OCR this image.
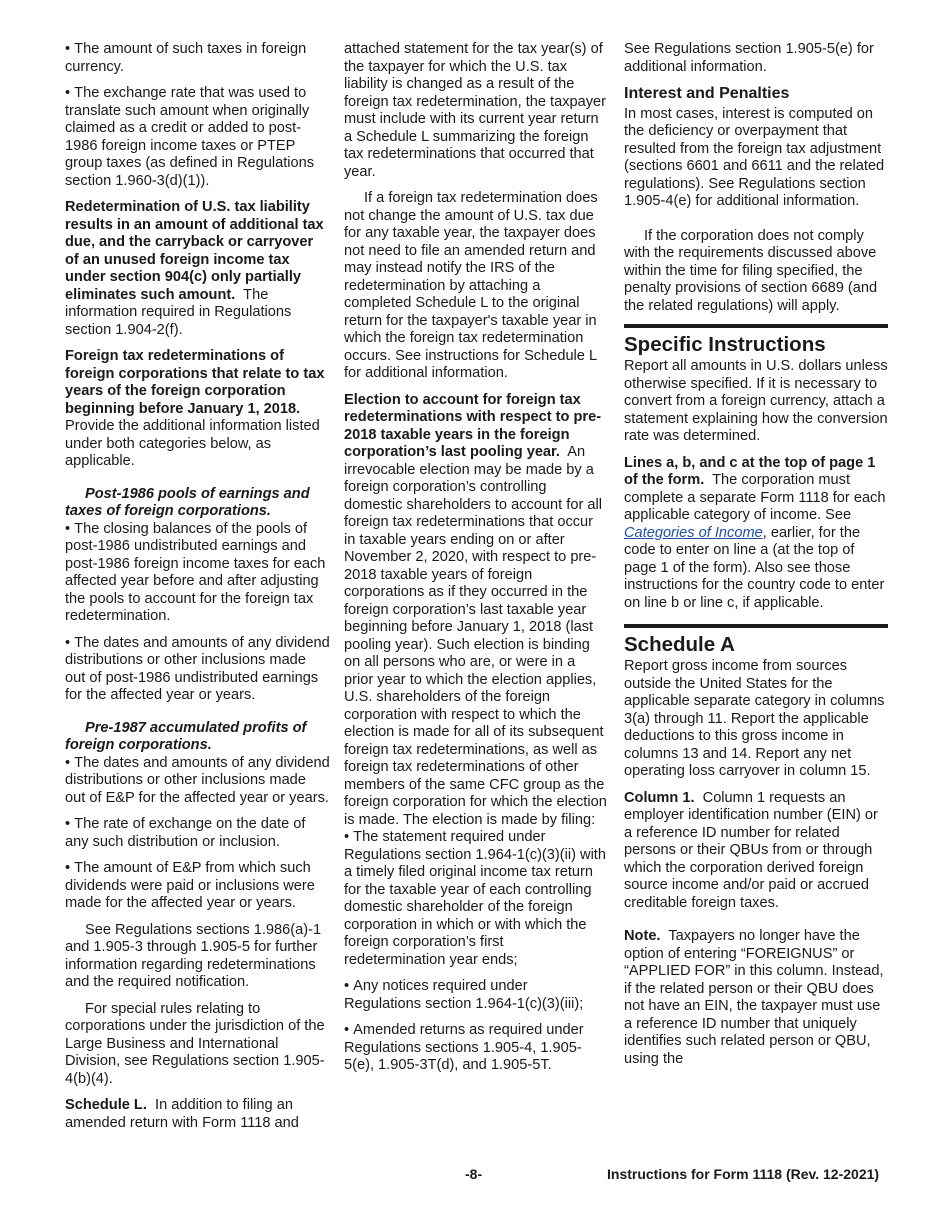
• The amount of such taxes in foreign currency.

• The exchange rate that was used to translate such amount when originally claimed as a credit or added to post-1986 foreign income taxes or PTEP group taxes (as defined in Regulations section 1.960-3(d)(1)).

Redetermination of U.S. tax liability results in an amount of additional tax due, and the carryback or carryover of an unused foreign income tax under section 904(c) only partially eliminates such amount. The information required in Regulations section 1.904-2(f).

Foreign tax redeterminations of foreign corporations that relate to tax years of the foreign corporation beginning before January 1, 2018.  Provide the additional information listed under both categories below, as applicable.

Post-1986 pools of earnings and taxes of foreign corporations.

• The closing balances of the pools of post-1986 undistributed earnings and post-1986 foreign income taxes for each affected year before and after adjusting the pools to account for the foreign tax redetermination.

• The dates and amounts of any dividend distributions or other inclusions made out of post-1986 undistributed earnings for the affected year or years.

Pre-1987 accumulated profits of foreign corporations.

• The dates and amounts of any dividend distributions or other inclusions made out of E&P for the affected year or years.

• The rate of exchange on the date of any such distribution or inclusion.

• The amount of E&P from which such dividends were paid or inclusions were made for the affected year or years.

See Regulations sections 1.986(a)-1 and 1.905-3 through 1.905-5 for further information regarding redeterminations and the required notification.

For special rules relating to corporations under the jurisdiction of the Large Business and International Division, see Regulations section 1.905-4(b)(4).

Schedule L. In addition to filing an amended return with Form 1118 and

attached statement for the tax year(s) of the taxpayer for which the U.S. tax liability is changed as a result of the foreign tax redetermination, the taxpayer must include with its current year return a Schedule L summarizing the foreign tax redeterminations that occurred that year.

If a foreign tax redetermination does not change the amount of U.S. tax due for any taxable year, the taxpayer does not need to file an amended return and may instead notify the IRS of the redetermination by attaching a completed Schedule L to the original return for the taxpayer's taxable year in which the foreign tax redetermination occurs. See instructions for Schedule L for additional information.

Election to account for foreign tax redeterminations with respect to pre-2018 taxable years in the foreign corporation’s last pooling year. An irrevocable election may be made by a foreign corporation’s controlling domestic shareholders to account for all foreign tax redeterminations that occur in taxable years ending on or after November 2, 2020, with respect to pre-2018 taxable years of foreign corporations as if they occurred in the foreign corporation’s last taxable year beginning before January 1, 2018 (last pooling year). Such election is binding on all persons who are, or were in a prior year to which the election applies, U.S. shareholders of the foreign corporation with respect to which the election is made for all of its subsequent foreign tax redeterminations, as well as foreign tax redeterminations of other members of the same CFC group as the foreign corporation for which the election is made. The election is made by filing:

• The statement required under Regulations section 1.964-1(c)(3)(ii) with a timely filed original income tax return for the taxable year of each controlling domestic shareholder of the foreign corporation in which or with which the foreign corporation’s first redetermination year ends;

• Any notices required under Regulations section 1.964-1(c)(3)(iii);

• Amended returns as required under Regulations sections 1.905-4, 1.905-5(e), 1.905-3T(d), and 1.905-5T.

See Regulations section 1.905-5(e) for additional information.

Interest and Penalties

In most cases, interest is computed on the deficiency or overpayment that resulted from the foreign tax adjustment (sections 6601 and 6611 and the related regulations). See Regulations section 1.905-4(e) for additional information.

If the corporation does not comply with the requirements discussed above within the time for filing specified, the penalty provisions of section 6689 (and the related regulations) will apply.

Specific Instructions

Report all amounts in U.S. dollars unless otherwise specified. If it is necessary to convert from a foreign currency, attach a statement explaining how the conversion rate was determined.

Lines a, b, and c at the top of page 1 of the form. The corporation must complete a separate Form 1118 for each applicable category of income. See Categories of Income, earlier, for the code to enter on line a (at the top of page 1 of the form). Also see those instructions for the country code to enter on line b or line c, if applicable.

Schedule A

Report gross income from sources outside the United States for the applicable separate category in columns 3(a) through 11. Report the applicable deductions to this gross income in columns 13 and 14. Report any net operating loss carryover in column 15.

Column 1. Column 1 requests an employer identification number (EIN) or a reference ID number for related persons or their QBUs from or through which the corporation derived foreign source income and/or paid or accrued creditable foreign taxes.

Note. Taxpayers no longer have the option of entering “FOREIGNUS” or “APPLIED FOR” in this column. Instead, if the related person or their QBU does not have an EIN, the taxpayer must use a reference ID number that uniquely identifies such related person or QBU, using the

-8-	Instructions for Form 1118 (Rev. 12-2021)
